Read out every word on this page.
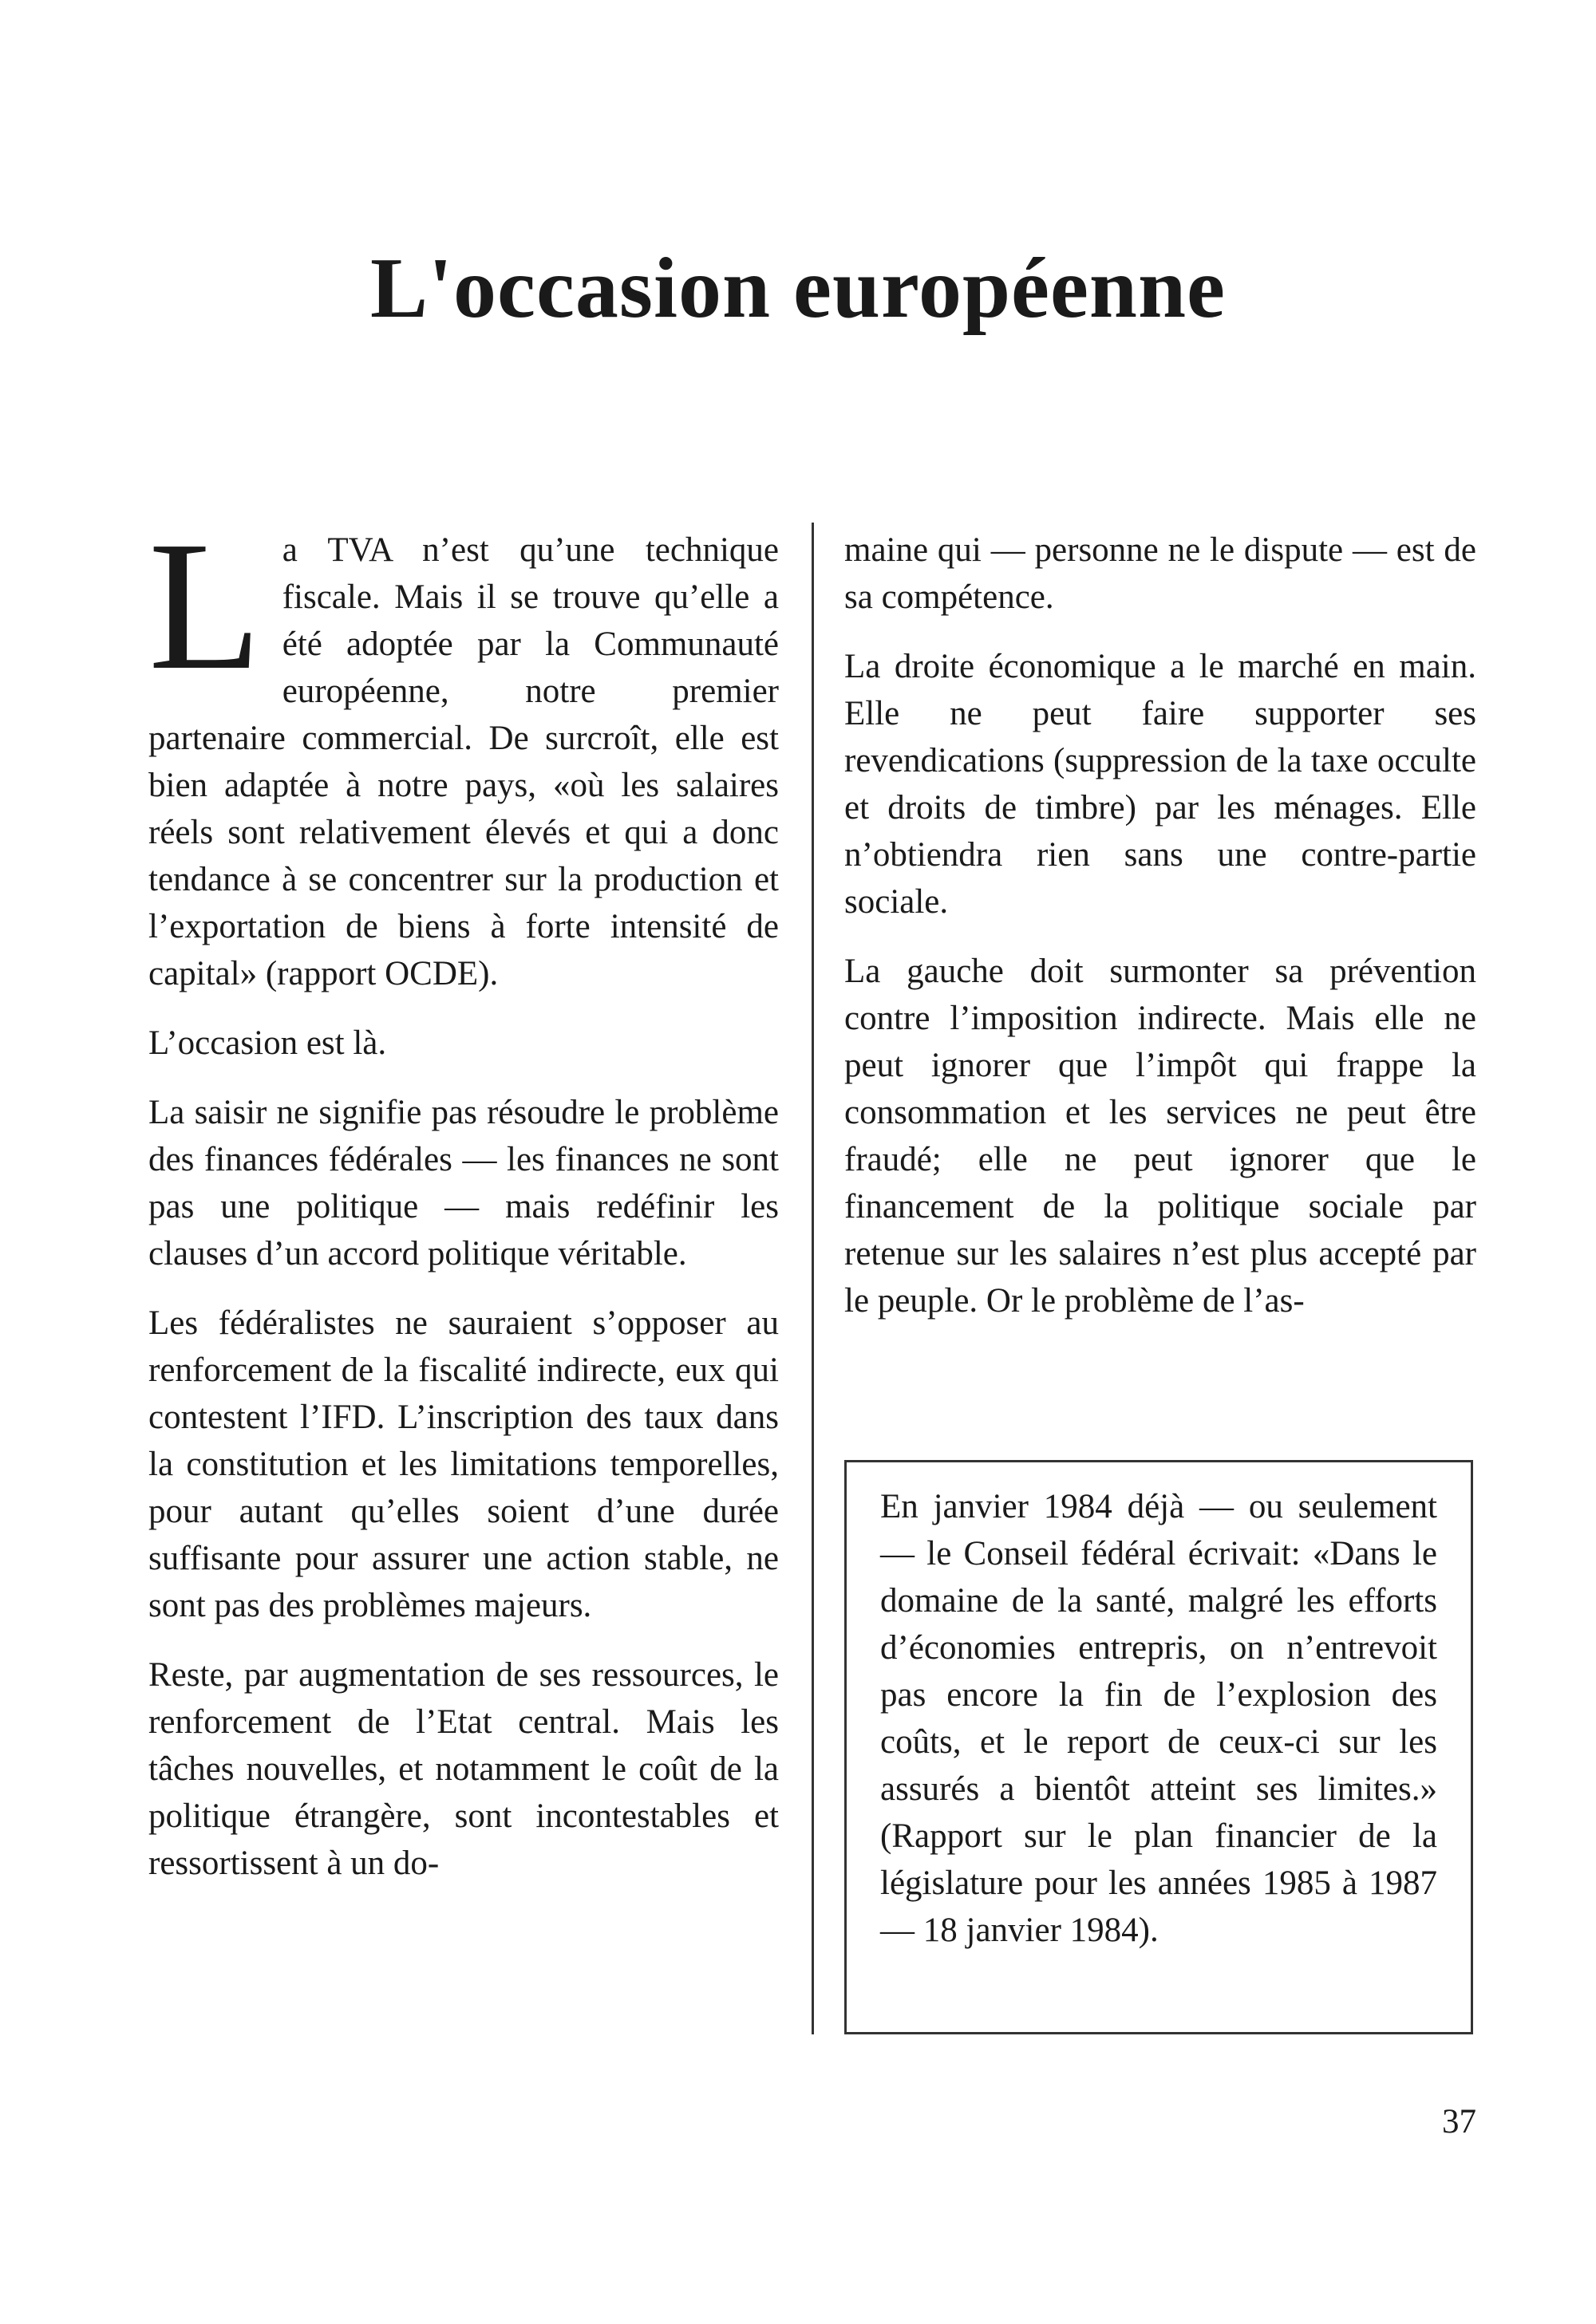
L'occasion européenne

La TVA n’est qu’une technique fiscale. Mais il se trouve qu’elle a été adoptée par la Communauté européenne, notre premier partenaire commercial. De surcroît, elle est bien adaptée à notre pays, «où les salaires réels sont relativement élevés et qui a donc tendance à se concentrer sur la production et l’exportation de biens à forte intensité de capital» (rapport OCDE).

L’occasion est là.

La saisir ne signifie pas résoudre le problème des finances fédérales — les finances ne sont pas une politique — mais redéfinir les clauses d’un accord politique véritable.

Les fédéralistes ne sauraient s’opposer au renforcement de la fiscalité indirecte, eux qui contestent l’IFD. L’inscription des taux dans la constitution et les limitations temporelles, pour autant qu’elles soient d’une durée suffisante pour assurer une action stable, ne sont pas des problèmes majeurs.

Reste, par augmentation de ses ressources, le renforcement de l’Etat central. Mais les tâches nouvelles, et notamment le coût de la politique étrangère, sont incontestables et ressortissent à un do-

maine qui — personne ne le dispute — est de sa compétence.

La droite économique a le marché en main. Elle ne peut faire supporter ses revendications (suppression de la taxe occulte et droits de timbre) par les ménages. Elle n’obtiendra rien sans une contre-partie sociale.

La gauche doit surmonter sa prévention contre l’imposition indirecte. Mais elle ne peut ignorer que l’impôt qui frappe la consommation et les services ne peut être fraudé; elle ne peut ignorer que le financement de la politique sociale par retenue sur les salaires n’est plus accepté par le peuple. Or le problème de l’as-

En janvier 1984 déjà — ou seulement — le Conseil fédéral écrivait: «Dans le domaine de la santé, malgré les efforts d’économies entrepris, on n’entrevoit pas encore la fin de l’explosion des coûts, et le report de ceux-ci sur les assurés a bientôt atteint ses limites.» (Rapport sur le plan financier de la législature pour les années 1985 à 1987 — 18 janvier 1984).

37
